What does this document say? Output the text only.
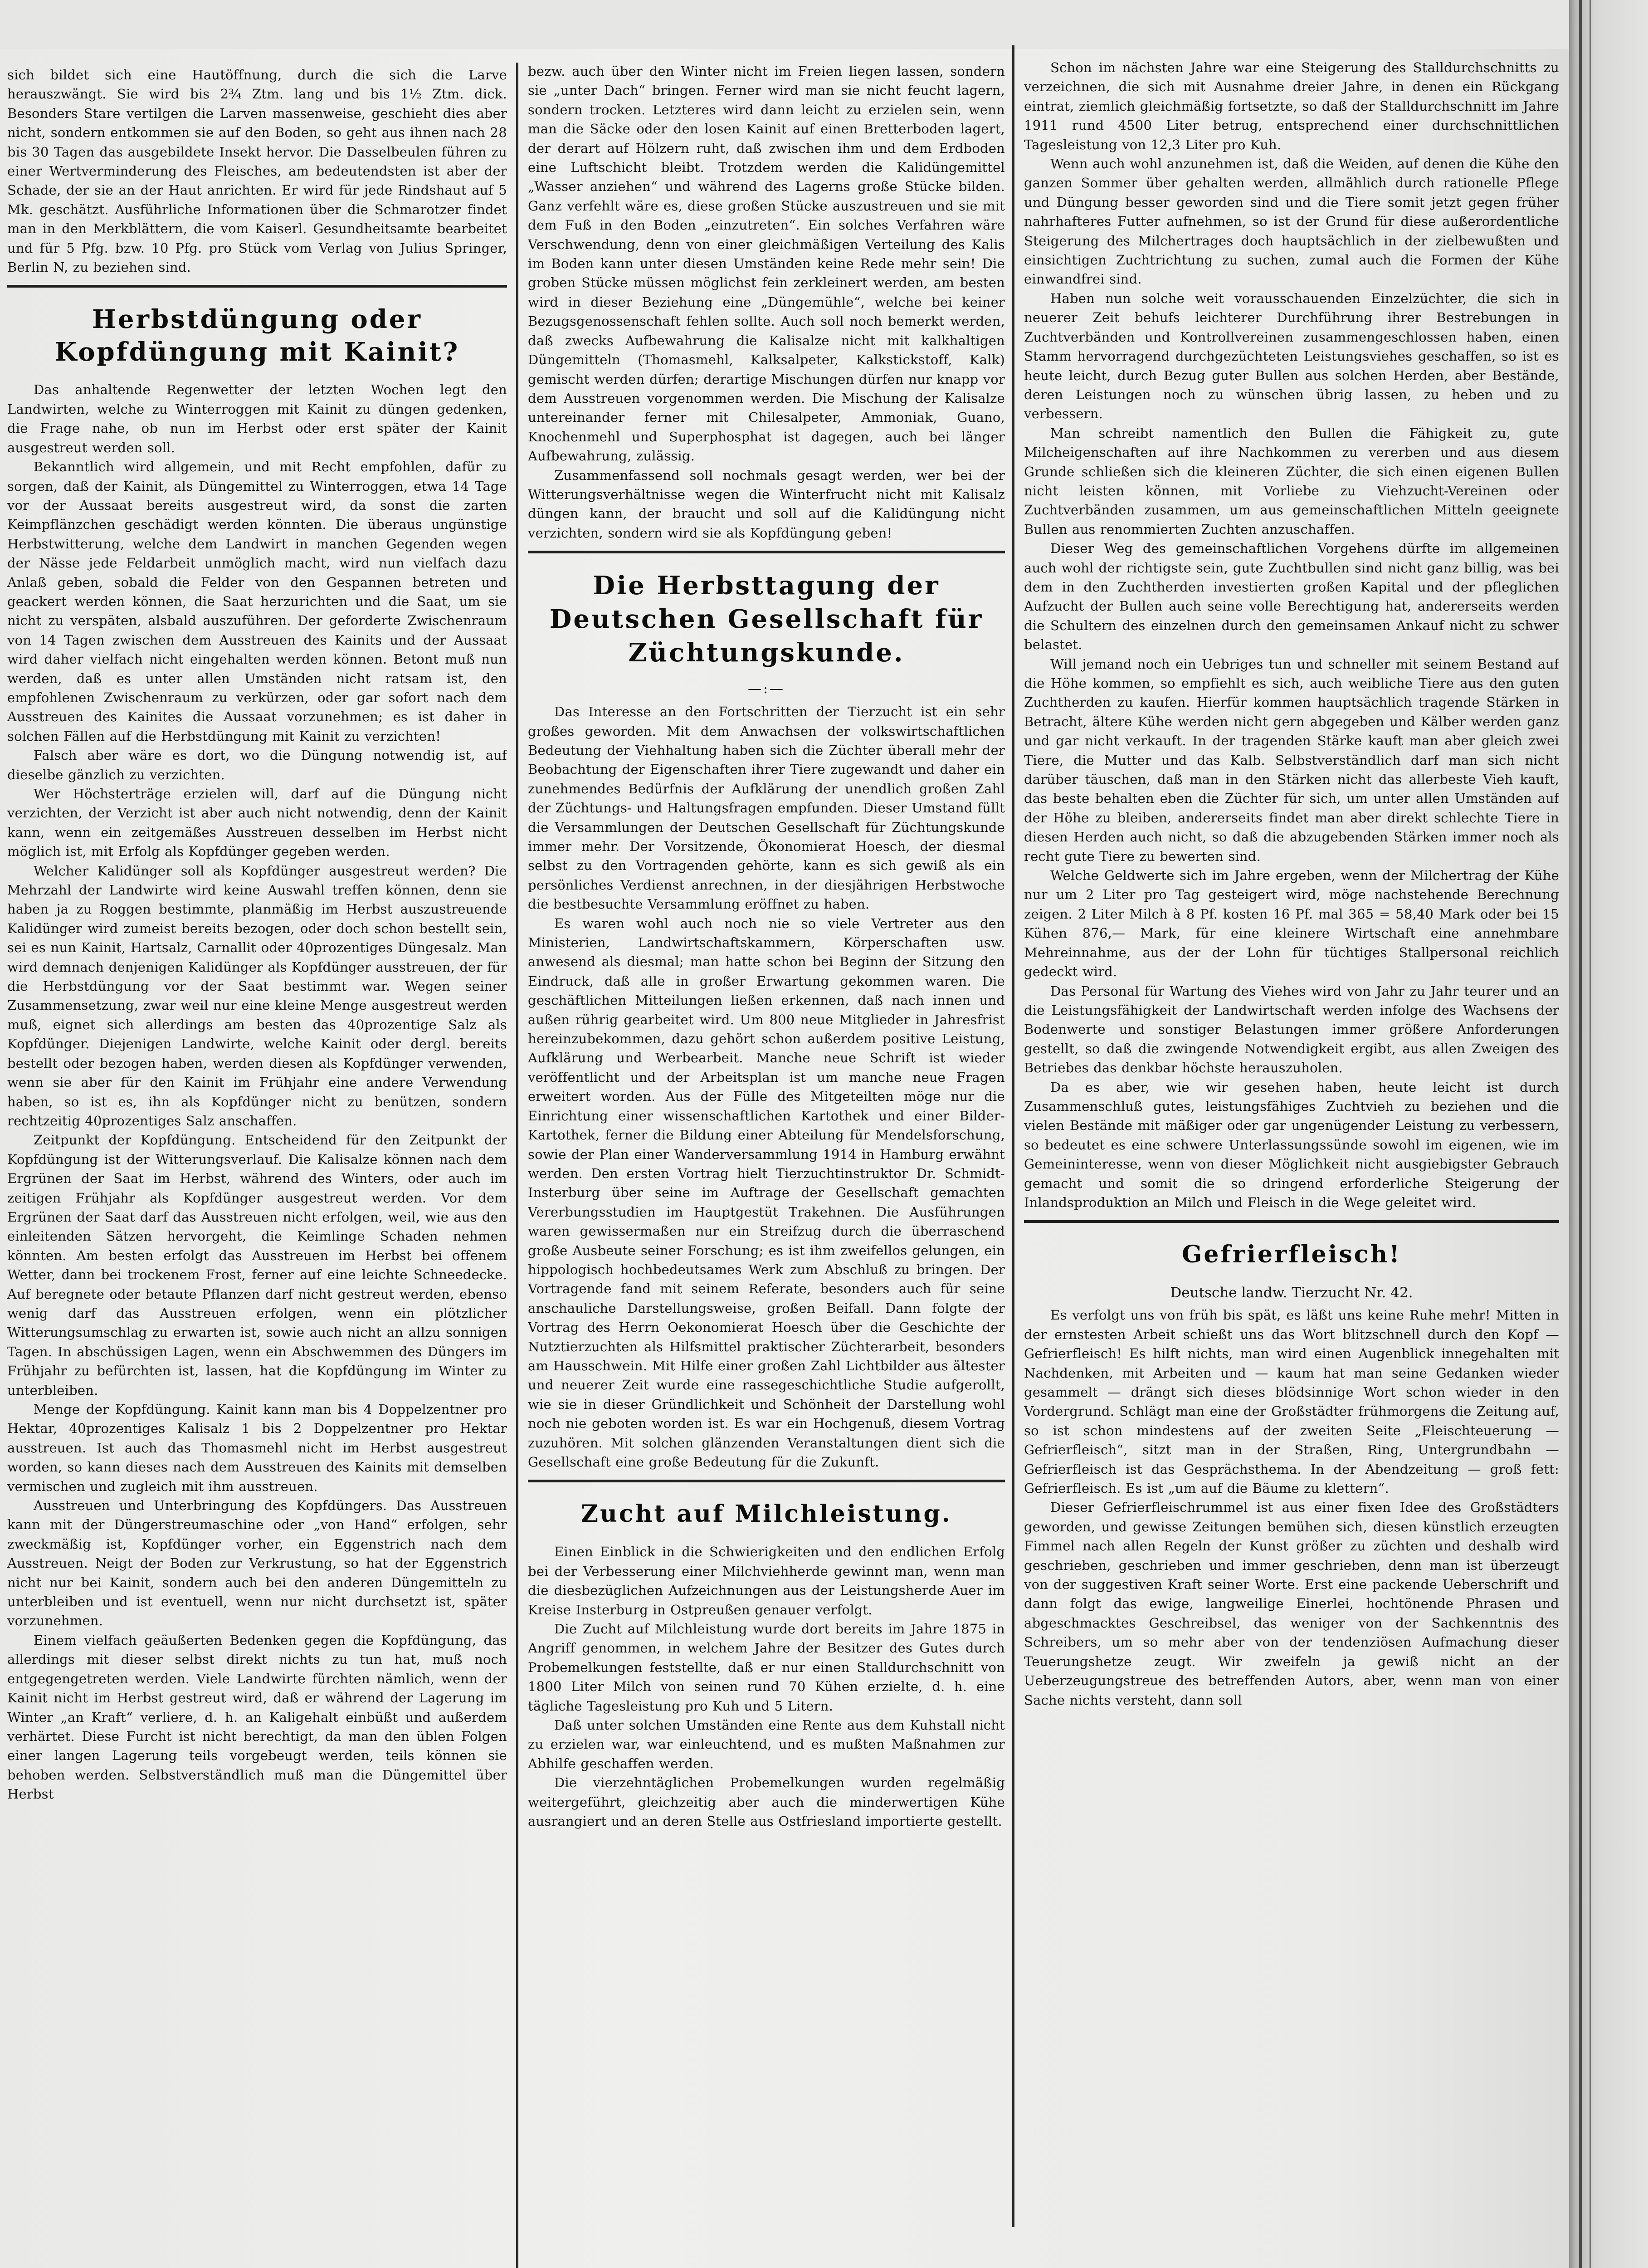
sich bildet sich eine Hautöffnung, durch die sich die Larve herauszwängt. Sie wird bis 2¾ Ztm. lang und bis 1½ Ztm. dick. Besonders Stare vertilgen die Larven massenweise, geschieht dies aber nicht, sondern entkommen sie auf den Boden, so geht aus ihnen nach 28 bis 30 Tagen das ausgebildete Insekt hervor. Die Dasselbeulen führen zu einer Wertverminderung des Fleisches, am bedeutendsten ist aber der Schade, der sie an der Haut anrichten. Er wird für jede Rindshaut auf 5 Mk. geschätzt. Ausführliche Informationen über die Schmarotzer findet man in den Merkblättern, die vom Kaiserl. Gesundheitsamte bearbeitet und für 5 Pfg. bzw. 10 Pfg. pro Stück vom Verlag von Julius Springer, Berlin N, zu beziehen sind.

Herbstdüngung oder Kopfdüngung mit Kainit?

Das anhaltende Regenwetter der letzten Wochen legt den Landwirten, welche zu Winterroggen mit Kainit zu düngen gedenken, die Frage nahe, ob nun im Herbst oder erst später der Kainit ausgestreut werden soll.

Bekanntlich wird allgemein, und mit Recht empfohlen, dafür zu sorgen, daß der Kainit, als Düngemittel zu Winterroggen, etwa 14 Tage vor der Aussaat bereits ausgestreut wird, da sonst die zarten Keimpflänzchen geschädigt werden könnten. Die überaus ungünstige Herbstwitterung, welche dem Landwirt in manchen Gegenden wegen der Nässe jede Feldarbeit unmöglich macht, wird nun vielfach dazu Anlaß geben, sobald die Felder von den Gespannen betreten und geackert werden können, die Saat herzurichten und die Saat, um sie nicht zu verspäten, alsbald auszuführen. Der geforderte Zwischenraum von 14 Tagen zwischen dem Ausstreuen des Kainits und der Aussaat wird daher vielfach nicht eingehalten werden können. Betont muß nun werden, daß es unter allen Umständen nicht ratsam ist, den empfohlenen Zwischenraum zu verkürzen, oder gar sofort nach dem Ausstreuen des Kainites die Aussaat vorzunehmen; es ist daher in solchen Fällen auf die Herbstdüngung mit Kainit zu verzichten!

Falsch aber wäre es dort, wo die Düngung notwendig ist, auf dieselbe gänzlich zu verzichten.

Wer Höchsterträge erzielen will, darf auf die Düngung nicht verzichten, der Verzicht ist aber auch nicht notwendig, denn der Kainit kann, wenn ein zeitgemäßes Ausstreuen desselben im Herbst nicht möglich ist, mit Erfolg als Kopfdünger gegeben werden.

Welcher Kalidünger soll als Kopfdünger ausgestreut werden? Die Mehrzahl der Landwirte wird keine Auswahl treffen können, denn sie haben ja zu Roggen bestimmte, planmäßig im Herbst auszustreuende Kalidünger wird zumeist bereits bezogen, oder doch schon bestellt sein, sei es nun Kainit, Hartsalz, Carnallit oder 40prozentiges Düngesalz. Man wird demnach denjenigen Kalidünger als Kopfdünger ausstreuen, der für die Herbstdüngung vor der Saat bestimmt war. Wegen seiner Zusammensetzung, zwar weil nur eine kleine Menge ausgestreut werden muß, eignet sich allerdings am besten das 40prozentige Salz als Kopfdünger. Diejenigen Landwirte, welche Kainit oder dergl. bereits bestellt oder bezogen haben, werden diesen als Kopfdünger verwenden, wenn sie aber für den Kainit im Frühjahr eine andere Verwendung haben, so ist es, ihn als Kopfdünger nicht zu benützen, sondern rechtzeitig 40prozentiges Salz anschaffen.

Zeitpunkt der Kopfdüngung. Entscheidend für den Zeitpunkt der Kopfdüngung ist der Witterungsverlauf. Die Kalisalze können nach dem Ergrünen der Saat im Herbst, während des Winters, oder auch im zeitigen Frühjahr als Kopfdünger ausgestreut werden. Vor dem Ergrünen der Saat darf das Ausstreuen nicht erfolgen, weil, wie aus den einleitenden Sätzen hervorgeht, die Keimlinge Schaden nehmen könnten. Am besten erfolgt das Ausstreuen im Herbst bei offenem Wetter, dann bei trockenem Frost, ferner auf eine leichte Schneedecke. Auf beregnete oder betaute Pflanzen darf nicht gestreut werden, ebenso wenig darf das Ausstreuen erfolgen, wenn ein plötzlicher Witterungsumschlag zu erwarten ist, sowie auch nicht an allzu sonnigen Tagen. In abschüssigen Lagen, wenn ein Abschwemmen des Düngers im Frühjahr zu befürchten ist, lassen, hat die Kopfdüngung im Winter zu unterbleiben.

Menge der Kopfdüngung. Kainit kann man bis 4 Doppelzentner pro Hektar, 40prozentiges Kalisalz 1 bis 2 Doppelzentner pro Hektar ausstreuen. Ist auch das Thomasmehl nicht im Herbst ausgestreut worden, so kann dieses nach dem Ausstreuen des Kainits mit demselben vermischen und zugleich mit ihm ausstreuen.

Ausstreuen und Unterbringung des Kopfdüngers. Das Ausstreuen kann mit der Düngerstreumaschine oder „von Hand“ erfolgen, sehr zweckmäßig ist, Kopfdünger vorher, ein Eggenstrich nach dem Ausstreuen. Neigt der Boden zur Verkrustung, so hat der Eggenstrich nicht nur bei Kainit, sondern auch bei den anderen Düngemitteln zu unterbleiben und ist eventuell, wenn nur nicht durchsetzt ist, später vorzunehmen.

Einem vielfach geäußerten Bedenken gegen die Kopfdüngung, das allerdings mit dieser selbst direkt nichts zu tun hat, muß noch entgegengetreten werden. Viele Landwirte fürchten nämlich, wenn der Kainit nicht im Herbst gestreut wird, daß er während der Lagerung im Winter „an Kraft“ verliere, d. h. an Kaligehalt einbüßt und außerdem verhärtet. Diese Furcht ist nicht berechtigt, da man den üblen Folgen einer langen Lagerung teils vorgebeugt werden, teils können sie behoben werden. Selbstverständlich muß man die Düngemittel über Herbst

bezw. auch über den Winter nicht im Freien liegen lassen, sondern sie „unter Dach“ bringen. Ferner wird man sie nicht feucht lagern, sondern trocken. Letzteres wird dann leicht zu erzielen sein, wenn man die Säcke oder den losen Kainit auf einen Bretterboden lagert, der derart auf Hölzern ruht, daß zwischen ihm und dem Erdboden eine Luftschicht bleibt. Trotzdem werden die Kalidüngemittel „Wasser anziehen“ und während des Lagerns große Stücke bilden. Ganz verfehlt wäre es, diese großen Stücke auszustreuen und sie mit dem Fuß in den Boden „einzutreten“. Ein solches Verfahren wäre Verschwendung, denn von einer gleichmäßigen Verteilung des Kalis im Boden kann unter diesen Umständen keine Rede mehr sein! Die groben Stücke müssen möglichst fein zerkleinert werden, am besten wird in dieser Beziehung eine „Düngemühle“, welche bei keiner Bezugsgenossenschaft fehlen sollte. Auch soll noch bemerkt werden, daß zwecks Aufbewahrung die Kalisalze nicht mit kalkhaltigen Düngemitteln (Thomasmehl, Kalksalpeter, Kalkstickstoff, Kalk) gemischt werden dürfen; derartige Mischungen dürfen nur knapp vor dem Ausstreuen vorgenommen werden. Die Mischung der Kalisalze untereinander ferner mit Chilesalpeter, Ammoniak, Guano, Knochenmehl und Superphosphat ist dagegen, auch bei länger Aufbewahrung, zulässig.

Zusammenfassend soll nochmals gesagt werden, wer bei der Witterungsverhältnisse wegen die Winterfrucht nicht mit Kalisalz düngen kann, der braucht und soll auf die Kalidüngung nicht verzichten, sondern wird sie als Kopfdüngung geben!

Die Herbsttagung der Deutschen Gesellschaft für Züchtungskunde.
—:—

Das Interesse an den Fortschritten der Tierzucht ist ein sehr großes geworden. Mit dem Anwachsen der volkswirtschaftlichen Bedeutung der Viehhaltung haben sich die Züchter überall mehr der Beobachtung der Eigenschaften ihrer Tiere zugewandt und daher ein zunehmendes Bedürfnis der Aufklärung der unendlich großen Zahl der Züchtungs- und Haltungsfragen empfunden. Dieser Umstand füllt die Versammlungen der Deutschen Gesellschaft für Züchtungskunde immer mehr. Der Vorsitzende, Ökonomierat Hoesch, der diesmal selbst zu den Vortragenden gehörte, kann es sich gewiß als ein persönliches Verdienst anrechnen, in der diesjährigen Herbstwoche die bestbesuchte Versammlung eröffnet zu haben.

Es waren wohl auch noch nie so viele Vertreter aus den Ministerien, Landwirtschaftskammern, Körperschaften usw. anwesend als diesmal; man hatte schon bei Beginn der Sitzung den Eindruck, daß alle in großer Erwartung gekommen waren. Die geschäftlichen Mitteilungen ließen erkennen, daß nach innen und außen rührig gearbeitet wird. Um 800 neue Mitglieder in Jahresfrist hereinzubekommen, dazu gehört schon außerdem positive Leistung, Aufklärung und Werbearbeit. Manche neue Schrift ist wieder veröffentlicht und der Arbeitsplan ist um manche neue Fragen erweitert worden. Aus der Fülle des Mitgeteilten möge nur die Einrichtung einer wissenschaftlichen Kartothek und einer Bilder-Kartothek, ferner die Bildung einer Abteilung für Mendelsforschung, sowie der Plan einer Wanderversammlung 1914 in Hamburg erwähnt werden. Den ersten Vortrag hielt Tierzuchtinstruktor Dr. Schmidt-Insterburg über seine im Auftrage der Gesellschaft gemachten Vererbungsstudien im Hauptgestüt Trakehnen. Die Ausführungen waren gewissermaßen nur ein Streifzug durch die überraschend große Ausbeute seiner Forschung; es ist ihm zweifellos gelungen, ein hippologisch hochbedeutsames Werk zum Abschluß zu bringen. Der Vortragende fand mit seinem Referate, besonders auch für seine anschauliche Darstellungsweise, großen Beifall. Dann folgte der Vortrag des Herrn Oekonomierat Hoesch über die Geschichte der Nutztierzuchten als Hilfsmittel praktischer Züchterarbeit, besonders am Hausschwein. Mit Hilfe einer großen Zahl Lichtbilder aus ältester und neuerer Zeit wurde eine rassegeschichtliche Studie aufgerollt, wie sie in dieser Gründlichkeit und Schönheit der Darstellung wohl noch nie geboten worden ist. Es war ein Hochgenuß, diesem Vortrag zuzuhören. Mit solchen glänzenden Veranstaltungen dient sich die Gesellschaft eine große Bedeutung für die Zukunft.

Zucht auf Milchleistung.

Einen Einblick in die Schwierigkeiten und den endlichen Erfolg bei der Verbesserung einer Milchviehherde gewinnt man, wenn man die diesbezüglichen Aufzeichnungen aus der Leistungsherde Auer im Kreise Insterburg in Ostpreußen genauer verfolgt.

Die Zucht auf Milchleistung wurde dort bereits im Jahre 1875 in Angriff genommen, in welchem Jahre der Besitzer des Gutes durch Probemelkungen feststellte, daß er nur einen Stalldurchschnitt von 1800 Liter Milch von seinen rund 70 Kühen erzielte, d. h. eine tägliche Tagesleistung pro Kuh und 5 Litern.

Daß unter solchen Umständen eine Rente aus dem Kuhstall nicht zu erzielen war, war einleuchtend, und es mußten Maßnahmen zur Abhilfe geschaffen werden.

Die vierzehntäglichen Probemelkungen wurden regelmäßig weitergeführt, gleichzeitig aber auch die minderwertigen Kühe ausrangiert und an deren Stelle aus Ostfriesland importierte gestellt.

Schon im nächsten Jahre war eine Steigerung des Stalldurchschnitts zu verzeichnen, die sich mit Ausnahme dreier Jahre, in denen ein Rückgang eintrat, ziemlich gleichmäßig fortsetzte, so daß der Stalldurchschnitt im Jahre 1911 rund 4500 Liter betrug, entsprechend einer durchschnittlichen Tagesleistung von 12,3 Liter pro Kuh.

Wenn auch wohl anzunehmen ist, daß die Weiden, auf denen die Kühe den ganzen Sommer über gehalten werden, allmählich durch rationelle Pflege und Düngung besser geworden sind und die Tiere somit jetzt gegen früher nahrhafteres Futter aufnehmen, so ist der Grund für diese außerordentliche Steigerung des Milchertrages doch hauptsächlich in der zielbewußten und einsichtigen Zuchtrichtung zu suchen, zumal auch die Formen der Kühe einwandfrei sind.

Haben nun solche weit vorausschauenden Einzelzüchter, die sich in neuerer Zeit behufs leichterer Durchführung ihrer Bestrebungen in Zuchtverbänden und Kontrollvereinen zusammengeschlossen haben, einen Stamm hervorragend durchgezüchteten Leistungsviehes geschaffen, so ist es heute leicht, durch Bezug guter Bullen aus solchen Herden, aber Bestände, deren Leistungen noch zu wünschen übrig lassen, zu heben und zu verbessern.

Man schreibt namentlich den Bullen die Fähigkeit zu, gute Milcheigenschaften auf ihre Nachkommen zu vererben und aus diesem Grunde schließen sich die kleineren Züchter, die sich einen eigenen Bullen nicht leisten können, mit Vorliebe zu Viehzucht-Vereinen oder Zuchtverbänden zusammen, um aus gemeinschaftlichen Mitteln geeignete Bullen aus renommierten Zuchten anzuschaffen.

Dieser Weg des gemeinschaftlichen Vorgehens dürfte im allgemeinen auch wohl der richtigste sein, gute Zuchtbullen sind nicht ganz billig, was bei dem in den Zuchtherden investierten großen Kapital und der pfleglichen Aufzucht der Bullen auch seine volle Berechtigung hat, andererseits werden die Schultern des einzelnen durch den gemeinsamen Ankauf nicht zu schwer belastet.

Will jemand noch ein Uebriges tun und schneller mit seinem Bestand auf die Höhe kommen, so empfiehlt es sich, auch weibliche Tiere aus den guten Zuchtherden zu kaufen. Hierfür kommen hauptsächlich tragende Stärken in Betracht, ältere Kühe werden nicht gern abgegeben und Kälber werden ganz und gar nicht verkauft. In der tragenden Stärke kauft man aber gleich zwei Tiere, die Mutter und das Kalb. Selbstverständlich darf man sich nicht darüber täuschen, daß man in den Stärken nicht das allerbeste Vieh kauft, das beste behalten eben die Züchter für sich, um unter allen Umständen auf der Höhe zu bleiben, andererseits findet man aber direkt schlechte Tiere in diesen Herden auch nicht, so daß die abzugebenden Stärken immer noch als recht gute Tiere zu bewerten sind.

Welche Geldwerte sich im Jahre ergeben, wenn der Milchertrag der Kühe nur um 2 Liter pro Tag gesteigert wird, möge nachstehende Berechnung zeigen. 2 Liter Milch à 8 Pf. kosten 16 Pf. mal 365 = 58,40 Mark oder bei 15 Kühen 876,— Mark, für eine kleinere Wirtschaft eine annehmbare Mehreinnahme, aus der der Lohn für tüchtiges Stallpersonal reichlich gedeckt wird.

Das Personal für Wartung des Viehes wird von Jahr zu Jahr teurer und an die Leistungsfähigkeit der Landwirtschaft werden infolge des Wachsens der Bodenwerte und sonstiger Belastungen immer größere Anforderungen gestellt, so daß die zwingende Notwendigkeit ergibt, aus allen Zweigen des Betriebes das denkbar höchste herauszuholen.

Da es aber, wie wir gesehen haben, heute leicht ist durch Zusammenschluß gutes, leistungsfähiges Zuchtvieh zu beziehen und die vielen Bestände mit mäßiger oder gar ungenügender Leistung zu verbessern, so bedeutet es eine schwere Unterlassungssünde sowohl im eigenen, wie im Gemeininteresse, wenn von dieser Möglichkeit nicht ausgiebigster Gebrauch gemacht und somit die so dringend erforderliche Steigerung der Inlandsproduktion an Milch und Fleisch in die Wege geleitet wird.

Gefrierfleisch!
Deutsche landw. Tierzucht Nr. 42.

Es verfolgt uns von früh bis spät, es läßt uns keine Ruhe mehr! Mitten in der ernstesten Arbeit schießt uns das Wort blitzschnell durch den Kopf — Gefrierfleisch! Es hilft nichts, man wird einen Augenblick innegehalten mit Nachdenken, mit Arbeiten und — kaum hat man seine Gedanken wieder gesammelt — drängt sich dieses blödsinnige Wort schon wieder in den Vordergrund. Schlägt man eine der Großstädter frühmorgens die Zeitung auf, so ist schon mindestens auf der zweiten Seite „Fleischteuerung — Gefrierfleisch“, sitzt man in der Straßen, Ring, Untergrundbahn — Gefrierfleisch ist das Gesprächsthema. In der Abendzeitung — groß fett: Gefrierfleisch. Es ist „um auf die Bäume zu klettern“.

Dieser Gefrierfleischrummel ist aus einer fixen Idee des Großstädters geworden, und gewisse Zeitungen bemühen sich, diesen künstlich erzeugten Fimmel nach allen Regeln der Kunst größer zu züchten und deshalb wird geschrieben, geschrieben und immer geschrieben, denn man ist überzeugt von der suggestiven Kraft seiner Worte. Erst eine packende Ueberschrift und dann folgt das ewige, langweilige Einerlei, hochtönende Phrasen und abgeschmacktes Geschreibsel, das weniger von der Sachkenntnis des Schreibers, um so mehr aber von der tendenziösen Aufmachung dieser Teuerungshetze zeugt. Wir zweifeln ja gewiß nicht an der Ueberzeugungstreue des betreffenden Autors, aber, wenn man von einer Sache nichts versteht, dann soll
